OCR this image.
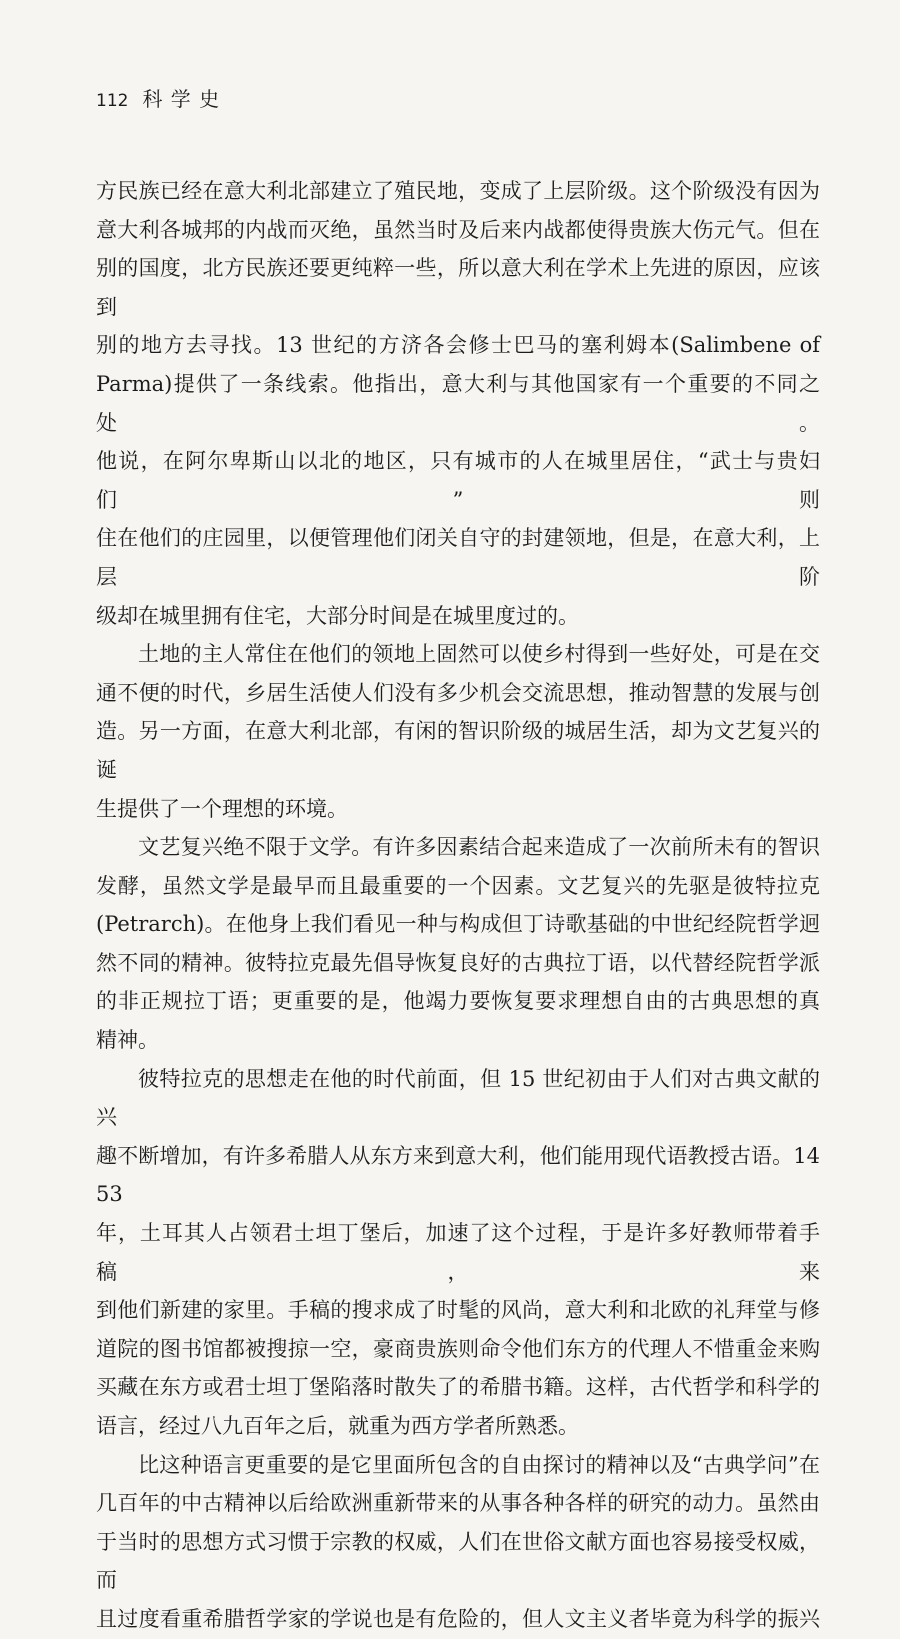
112 科 学 史
方民族已经在意大利北部建立了殖民地，变成了上层阶级。这个阶级没有因为
意大利各城邦的内战而灭绝，虽然当时及后来内战都使得贵族大伤元气。但在
别的国度，北方民族还要更纯粹一些，所以意大利在学术上先进的原因，应该到
别的地方去寻找。13 世纪的方济各会修士巴马的塞利姆本(Salimbene of
Parma)提供了一条线索。他指出，意大利与其他国家有一个重要的不同之处。
他说，在阿尔卑斯山以北的地区，只有城市的人在城里居住，“武士与贵妇们”则
住在他们的庄园里，以便管理他们闭关自守的封建领地，但是，在意大利，上层阶
级却在城里拥有住宅，大部分时间是在城里度过的。
土地的主人常住在他们的领地上固然可以使乡村得到一些好处，可是在交
通不便的时代，乡居生活使人们没有多少机会交流思想，推动智慧的发展与创
造。另一方面，在意大利北部，有闲的智识阶级的城居生活，却为文艺复兴的诞
生提供了一个理想的环境。
文艺复兴绝不限于文学。有许多因素结合起来造成了一次前所未有的智识
发酵，虽然文学是最早而且最重要的一个因素。文艺复兴的先驱是彼特拉克
(Petrarch)。在他身上我们看见一种与构成但丁诗歌基础的中世纪经院哲学迥
然不同的精神。彼特拉克最先倡导恢复良好的古典拉丁语，以代替经院哲学派
的非正规拉丁语；更重要的是，他竭力要恢复要求理想自由的古典思想的真
精神。
彼特拉克的思想走在他的时代前面，但 15 世纪初由于人们对古典文献的兴
趣不断增加，有许多希腊人从东方来到意大利，他们能用现代语教授古语。1453
年，土耳其人占领君士坦丁堡后，加速了这个过程，于是许多好教师带着手稿，来
到他们新建的家里。手稿的搜求成了时髦的风尚，意大利和北欧的礼拜堂与修
道院的图书馆都被搜掠一空，豪商贵族则命令他们东方的代理人不惜重金来购
买藏在东方或君士坦丁堡陷落时散失了的希腊书籍。这样，古代哲学和科学的
语言，经过八九百年之后，就重为西方学者所熟悉。
比这种语言更重要的是它里面所包含的自由探讨的精神以及“古典学问”在
几百年的中古精神以后给欧洲重新带来的从事各种各样的研究的动力。虽然由
于当时的思想方式习惯于宗教的权威，人们在世俗文献方面也容易接受权威，而
且过度看重希腊哲学家的学说也是有危险的，但人文主义者毕竟为科学的振兴
